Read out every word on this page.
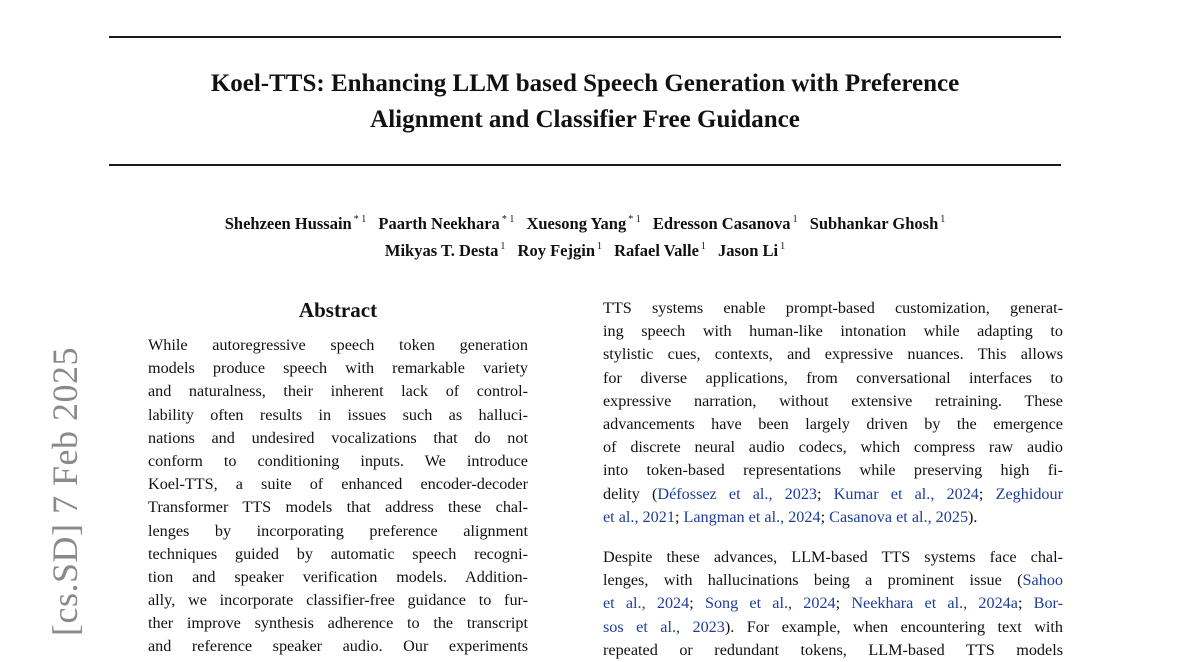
Koel-TTS: Enhancing LLM based Speech Generation with Preference
Alignment and Classifier Free Guidance
Shehzeen Hussain $^{* 1}$ Paarth Neekhara $^{* 1}$ Xuesong Yang $^{* 1}$ Edresson Casanova $^1$ Subhankar Ghosh $^1$
Mikyas T. Desta $^1$ Roy Fejgin $^1$ Rafael Valle $^1$ Jason Li $^1$
[cs.SD] 7 Feb 2025
Abstract
While autoregressive speech token generation
models produce speech with remarkable variety
and naturalness, their inherent lack of control-
lability often results in issues such as halluci-
nations and undesired vocalizations that do not
conform to conditioning inputs. We introduce
Koel-TTS, a suite of enhanced encoder-decoder
Transformer TTS models that address these chal-
lenges by incorporating preference alignment
techniques guided by automatic speech recogni-
tion and speaker verification models. Addition-
ally, we incorporate classifier-free guidance to fur-
ther improve synthesis adherence to the transcript
and reference speaker audio. Our experiments
TTS systems enable prompt-based customization, generat-
ing speech with human-like intonation while adapting to
stylistic cues, contexts, and expressive nuances. This allows
for diverse applications, from conversational interfaces to
expressive narration, without extensive retraining. These
advancements have been largely driven by the emergence
of discrete neural audio codecs, which compress raw audio
into token-based representations while preserving high fi-
delity (Défossez et al., 2023; Kumar et al., 2024; Zeghidour
et al., 2021; Langman et al., 2024; Casanova et al., 2025).
Despite these advances, LLM-based TTS systems face chal-
lenges, with hallucinations being a prominent issue (Sahoo
et al., 2024; Song et al., 2024; Neekhara et al., 2024a; Bor-
sos et al., 2023). For example, when encountering text with
repeated or redundant tokens, LLM-based TTS models
